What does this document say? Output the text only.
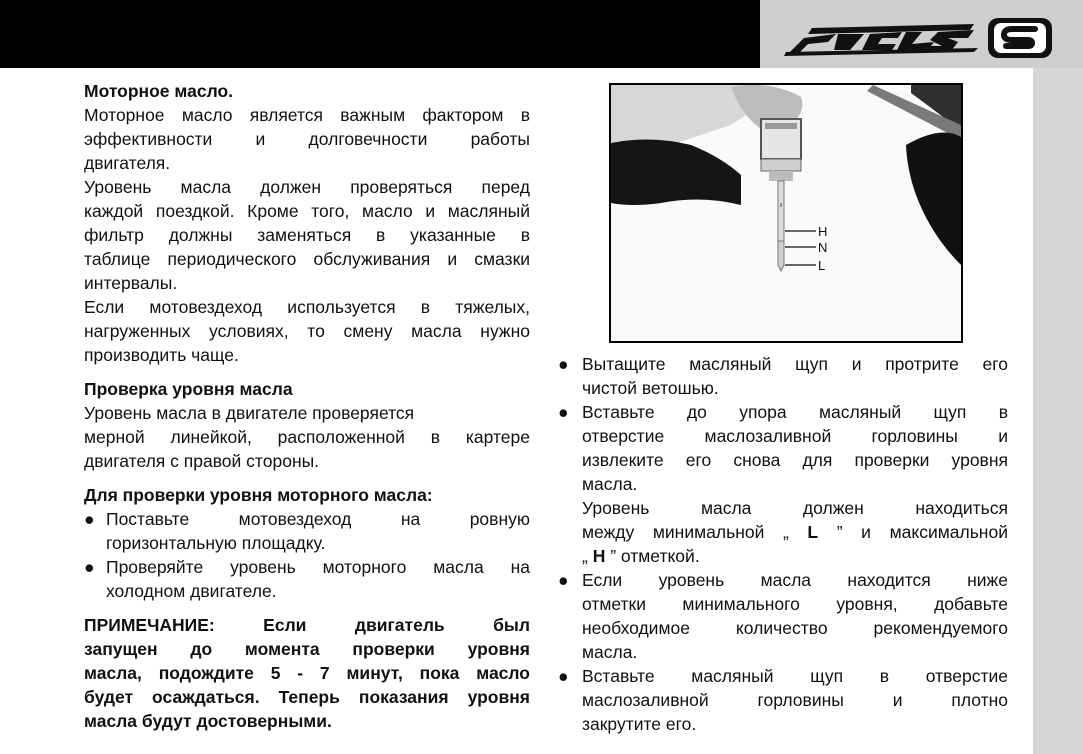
Моторное масло.

Моторное масло является важным фактором в

эффективности и долговечности работы

двигателя.

Уровень масла должен проверяться перед

каждой поездкой. Кроме того, масло и масляный

фильтр должны заменяться в указанные в

таблице периодического обслуживания и смазки

интервалы.

Если мотовездеход используется в тяжелых,

нагруженных условиях, то смену масла нужно

производить чаще.

Проверка уровня масла

Уровень масла в двигателе проверяется

мерной линейкой, расположенной в картере

двигателя с правой стороны.

Для проверки уровня моторного масла:

● Поставьте мотовездеход на ровную

горизонтальную площадку.

● Проверяйте уровень моторного масла на

холодном двигателе.

ПРИМЕЧАНИЕ: Если двигатель был

запущен до момента проверки уровня

масла, подождите 5 - 7 минут, пока масло

будет осаждаться. Теперь показания уровня

масла будут достоверными.

H
N
L
● Вытащите масляный щуп и протрите его

чистой ветошью.

● Вставьте до упора масляный щуп в

отверстие маслозаливной горловины и

извлеките его снова для проверки уровня

масла.

Уровень масла должен находиться

между минимальной „ L ” и максимальной

„ H ” отметкой.

● Если уровень масла находится ниже

отметки минимального уровня, добавьте

необходимое количество рекомендуемого

масла.

● Вставьте масляный щуп в отверстие

маслозаливной горловины и плотно

закрутите его.
